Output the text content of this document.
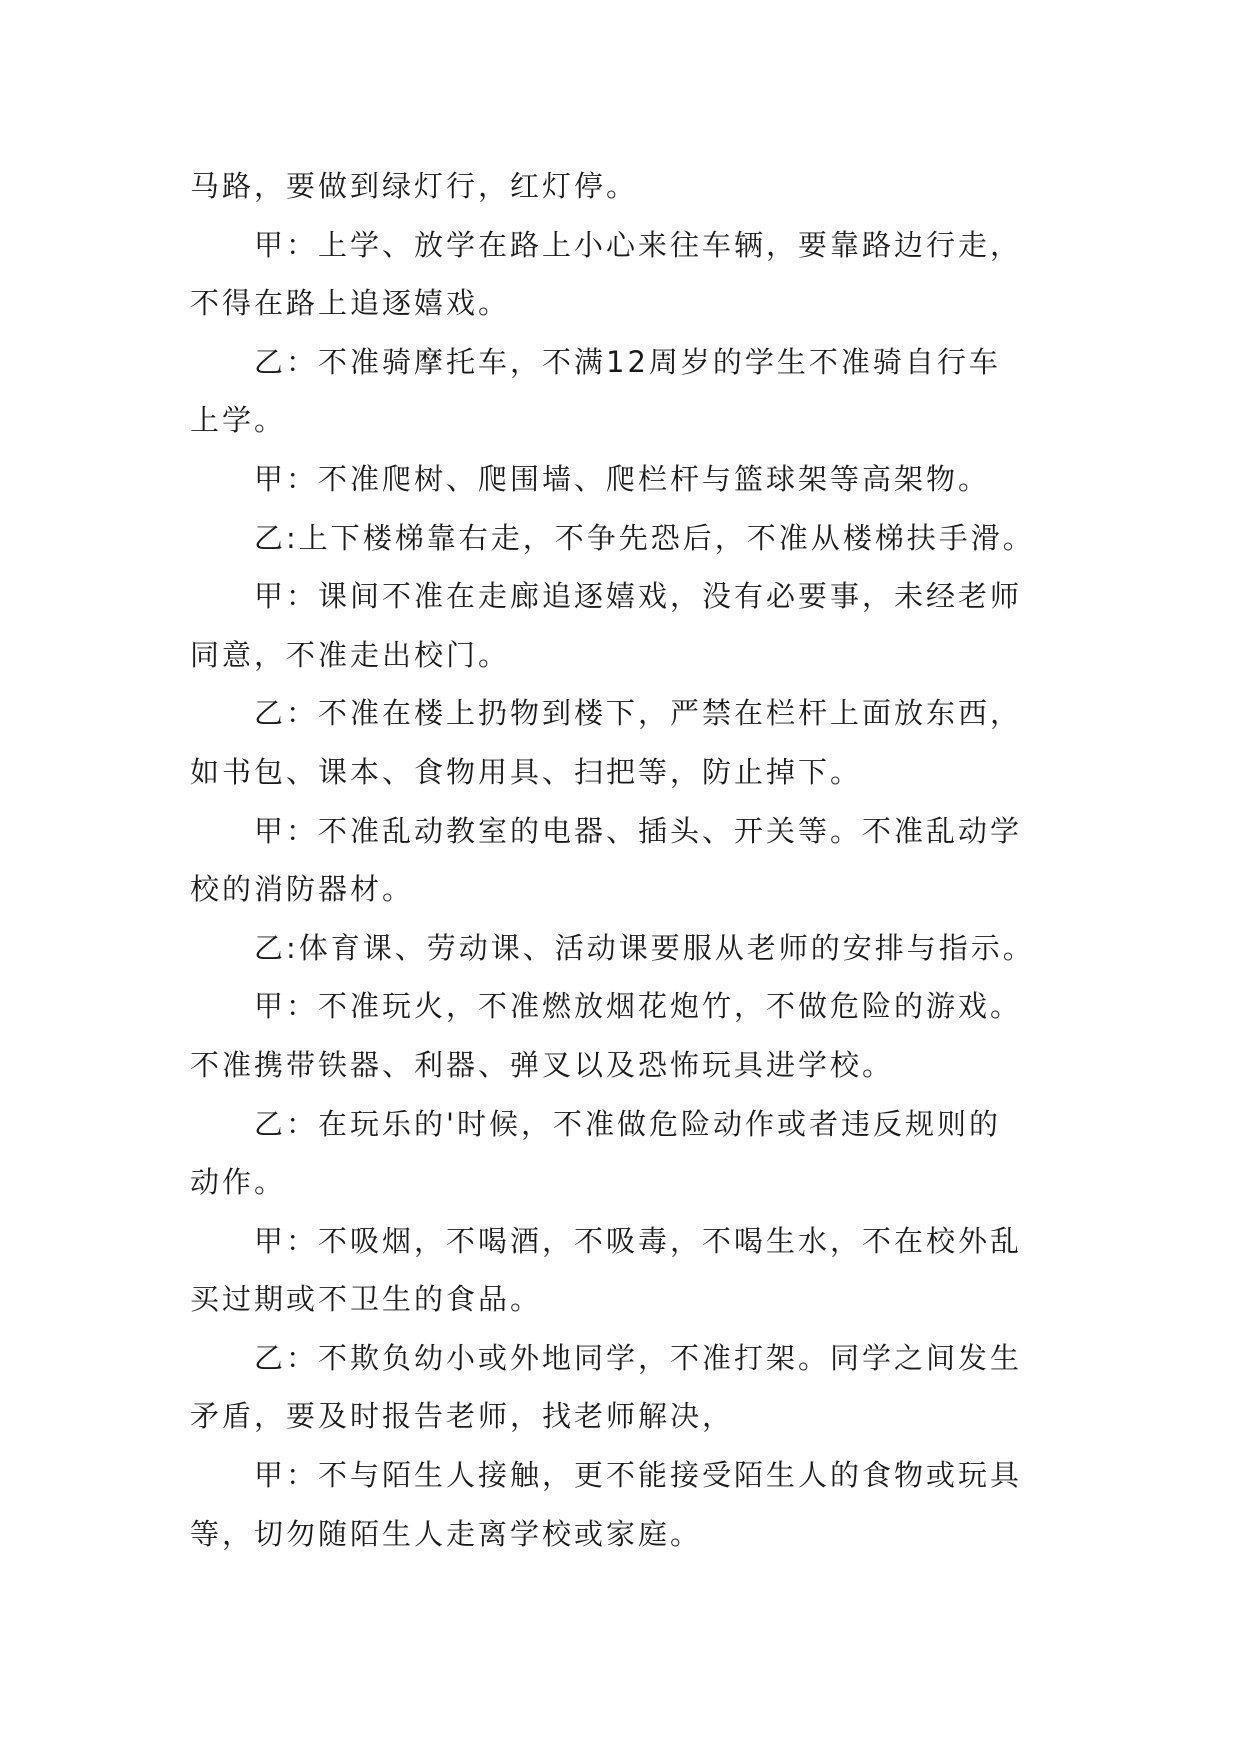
马路，要做到绿灯行，红灯停。
甲：上学、放学在路上小心来往车辆，要靠路边行走，
不得在路上追逐嬉戏。
乙：不准骑摩托车，不满12周岁的学生不准骑自行车
上学。
甲：不准爬树、爬围墙、爬栏杆与篮球架等高架物。
乙:上下楼梯靠右走，不争先恐后，不准从楼梯扶手滑。
甲：课间不准在走廊追逐嬉戏，没有必要事，未经老师
同意，不准走出校门。
乙：不准在楼上扔物到楼下，严禁在栏杆上面放东西，
如书包、课本、食物用具、扫把等，防止掉下。
甲：不准乱动教室的电器、插头、开关等。不准乱动学
校的消防器材。
乙:体育课、劳动课、活动课要服从老师的安排与指示。
甲：不准玩火，不准燃放烟花炮竹，不做危险的游戏。
不准携带铁器、利器、弹叉以及恐怖玩具进学校。
乙：在玩乐的'时候，不准做危险动作或者违反规则的
动作。
甲：不吸烟，不喝酒，不吸毒，不喝生水，不在校外乱
买过期或不卫生的食品。
乙：不欺负幼小或外地同学，不准打架。同学之间发生
矛盾，要及时报告老师，找老师解决，
甲：不与陌生人接触，更不能接受陌生人的食物或玩具
等，切勿随陌生人走离学校或家庭。
